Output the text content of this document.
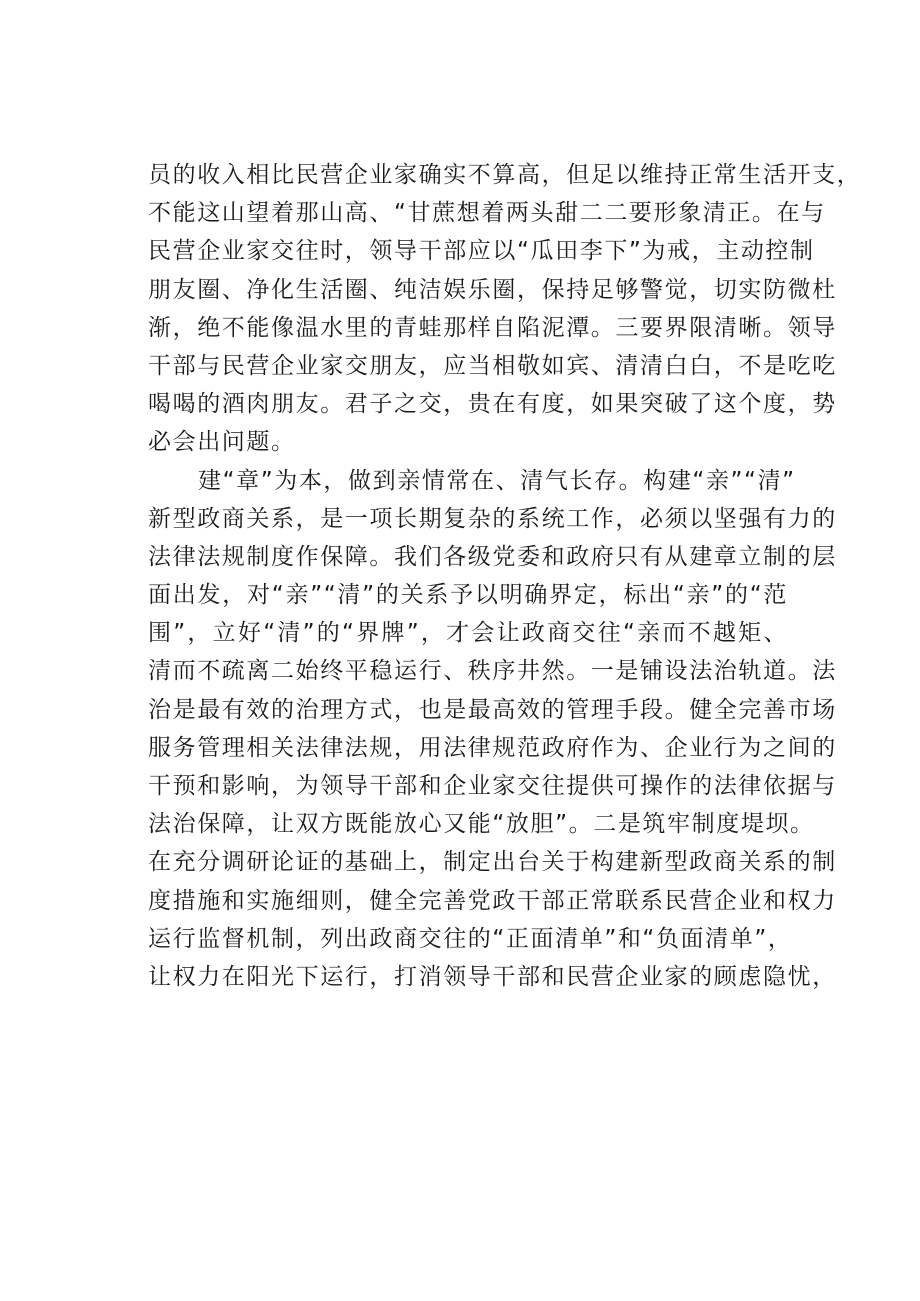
员的收入相比民营企业家确实不算高，但足以维持正常生活开支，
不能这山望着那山高、“甘蔗想着两头甜二二要形象清正。在与
民营企业家交往时，领导干部应以“瓜田李下”为戒，主动控制
朋友圈、净化生活圈、纯洁娱乐圈，保持足够警觉，切实防微杜
渐，绝不能像温水里的青蛙那样自陷泥潭。三要界限清晰。领导
干部与民营企业家交朋友，应当相敬如宾、清清白白，不是吃吃
喝喝的酒肉朋友。君子之交，贵在有度，如果突破了这个度，势
必会出问题。
建“章”为本，做到亲情常在、清气长存。构建“亲”“清”
新型政商关系，是一项长期复杂的系统工作，必须以坚强有力的
法律法规制度作保障。我们各级党委和政府只有从建章立制的层
面出发，对“亲”“清”的关系予以明确界定，标出“亲”的“范
围”，立好“清”的“界牌”，才会让政商交往“亲而不越矩、
清而不疏离二始终平稳运行、秩序井然。一是铺设法治轨道。法
治是最有效的治理方式，也是最高效的管理手段。健全完善市场
服务管理相关法律法规，用法律规范政府作为、企业行为之间的
干预和影响，为领导干部和企业家交往提供可操作的法律依据与
法治保障，让双方既能放心又能“放胆”。二是筑牢制度堤坝。
在充分调研论证的基础上，制定出台关于构建新型政商关系的制
度措施和实施细则，健全完善党政干部正常联系民营企业和权力
运行监督机制，列出政商交往的“正面清单”和“负面清单”，
让权力在阳光下运行，打消领导干部和民营企业家的顾虑隐忧，
